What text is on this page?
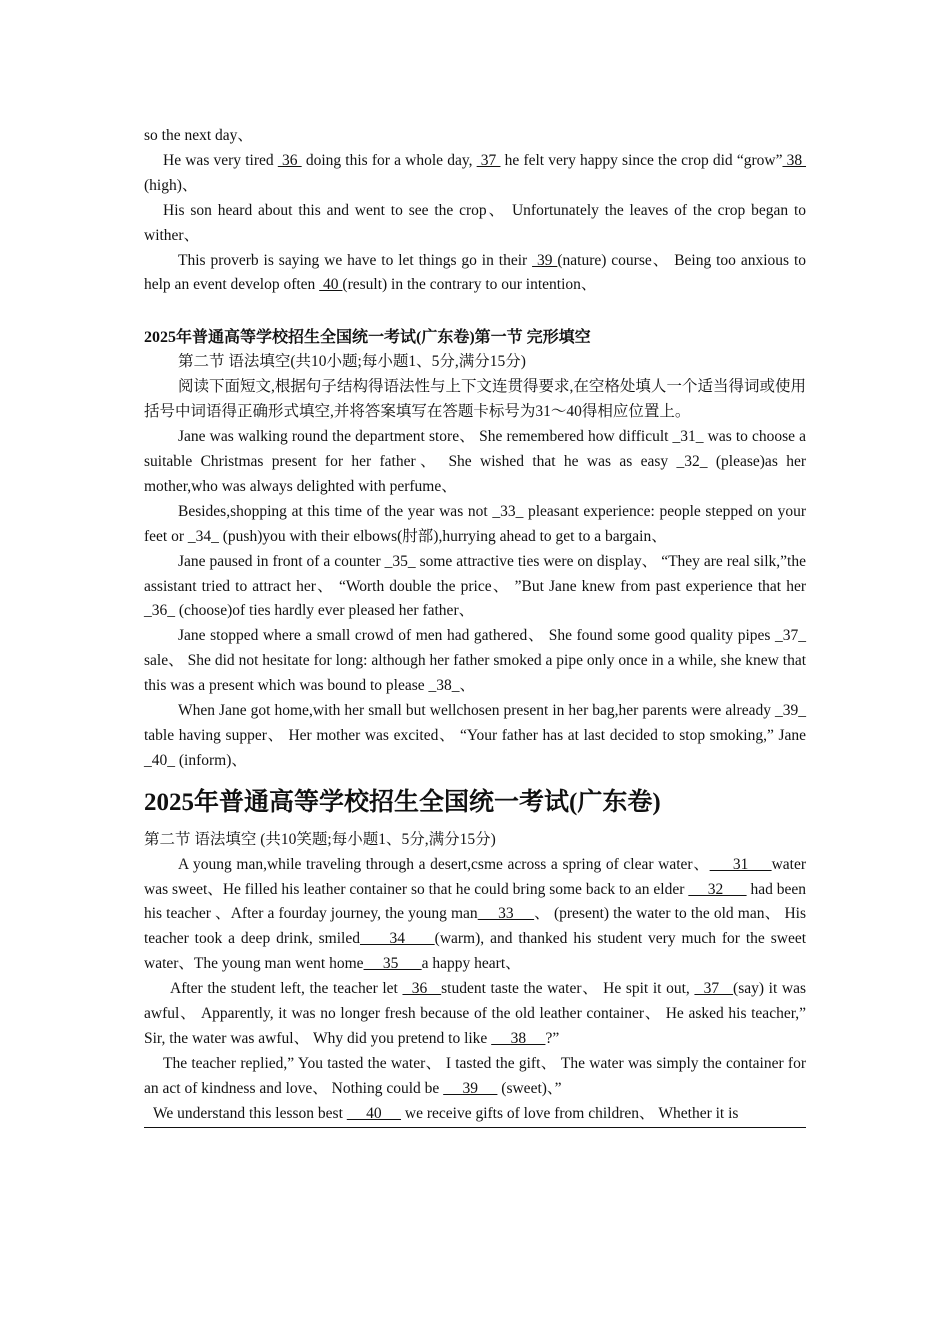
so the next day、

He was very tired  36  doing this for a whole day,  37  he felt very happy since the crop did “grow” 38  (high)、

His son heard about this and went to see the crop、 Unfortunately the leaves of the crop began to wither、

This proverb is saying we have to let things go in their  39 (nature) course、 Being too anxious to help an event develop often  40 (result) in the contrary to our intention、

2025年普通高等学校招生全国统一考试(广东卷)第一节 完形填空

第二节 语法填空(共10小题;每小题1、5分,满分15分)

阅读下面短文,根据句子结构得语法性与上下文连贯得要求,在空格处填人一个适当得词或使用括号中词语得正确形式填空,并将答案填写在答题卡标号为31～40得相应位置上。

Jane was walking round the department store、 She remembered how difficult _31_ was to choose a suitable Christmas present for her father、 She wished that he was as easy _32_ (please)as her mother,who was always delighted with perfume、

Besides,shopping at this time of the year was not _33_ pleasant experience: people stepped on your feet or _34_ (push)you with their elbows(肘部),hurrying ahead to get to a bargain、

Jane paused in front of a counter _35_ some attractive ties were on display、 “They are real silk,”the assistant tried to attract her、 “Worth double the price、 ”But Jane knew from past experience that her _36_ (choose)of ties hardly ever pleased her father、

Jane stopped where a small crowd of men had gathered、 She found some good quality pipes _37_ sale、 She did not hesitate for long: although her father smoked a pipe only once in a while, she knew that this was a present which was bound to please _38_、

When Jane got home,with her small but wellchosen present in her bag,her parents were already _39_ table having supper、 Her mother was excited、 “Your father has at last decided to stop smoking,” Jane _40_ (inform)、

2025年普通高等学校招生全国统一考试(广东卷)

第二节 语法填空 (共10笑题;每小题1、5分,满分15分)

A young man,while traveling through a desert,csme across a spring of clear water、     31     water was sweet、He filled his leather container so that he could bring some back to an elder      32       had been his teacher 、After a fourday journey, the young man     33     、 (present) the water to the old man、 His teacher took a deep drink, smiled     34     (warm), and thanked his student very much for the sweet water、The young man went home     35      a happy heart、

After the student left, the teacher let   36   student taste the water、 He spit it out,   37   (say) it was awful、 Apparently, it was no longer fresh because of the old leather container、 He asked his teacher,” Sir, the water was awful、 Why did you pretend to like      38     ?”

The teacher replied,” You tasted the water、 I tasted the gift、 The water was simply the container for an act of kindness and love、 Nothing could be      39      (sweet)、”

We understand this lesson best      40      we receive gifts of love from children、 Whether it is
